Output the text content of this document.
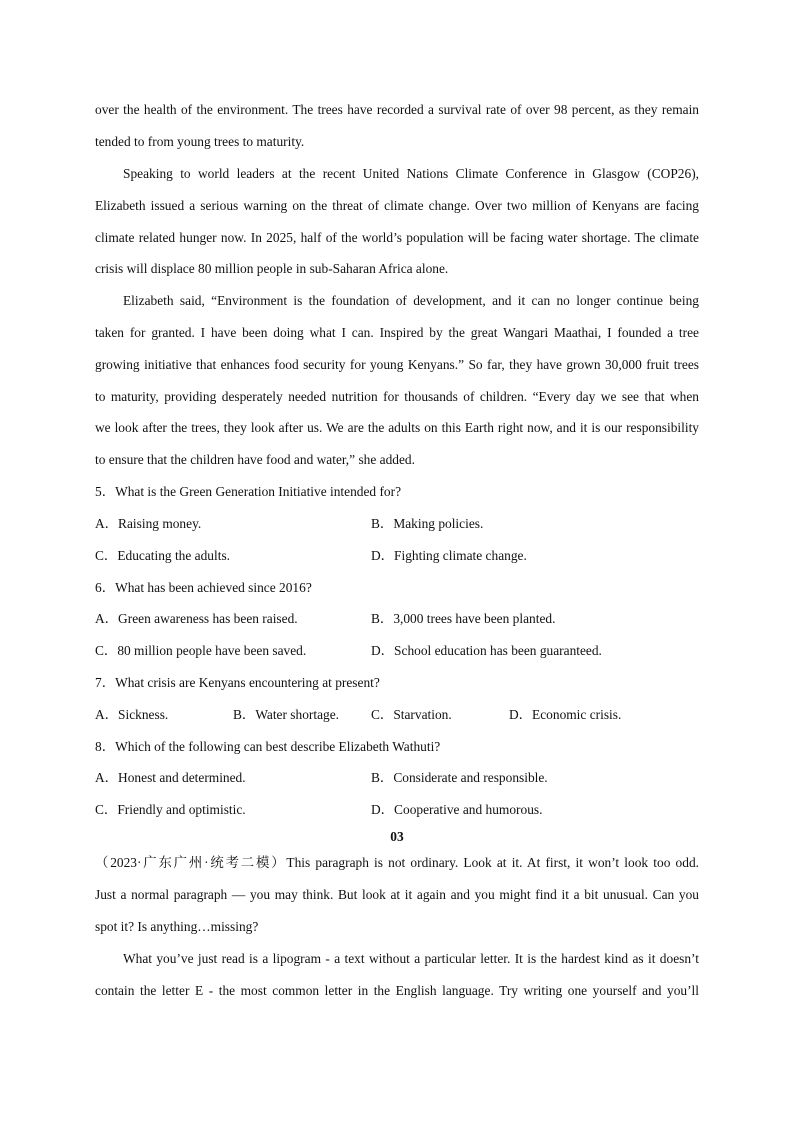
over the health of the environment. The trees have recorded a survival rate of over 98 percent, as they remain
tended to from young trees to maturity.
Speaking to world leaders at the recent United Nations Climate Conference in Glasgow (COP26),
Elizabeth issued a serious warning on the threat of climate change. Over two million of Kenyans are facing
climate related hunger now. In 2025, half of the world’s population will be facing water shortage. The climate
crisis will displace 80 million people in sub-Saharan Africa alone.
Elizabeth said, “Environment is the foundation of development, and it can no longer continue being
taken for granted. I have been doing what I can. Inspired by the great Wangari Maathai, I founded a tree
growing initiative that enhances food security for young Kenyans.” So far, they have grown 30,000 fruit trees
to maturity, providing desperately needed nutrition for thousands of children. “Every day we see that when
we look after the trees, they look after us. We are the adults on this Earth right now, and it is our responsibility
to ensure that the children have food and water,” she added.
5．What is the Green Generation Initiative intended for?
A．Raising money.	B．Making policies.
C．Educating the adults.	D．Fighting climate change.
6．What has been achieved since 2016?
A．Green awareness has been raised.	B．3,000 trees have been planted.
C．80 million people have been saved.	D．School education has been guaranteed.
7．What crisis are Kenyans encountering at present?
A．Sickness.	B．Water shortage. C．Starvation.	D．Economic crisis.
8．Which of the following can best describe Elizabeth Wathuti?
A．Honest and determined.	B．Considerate and responsible.
C．Friendly and optimistic.	D．Cooperative and humorous.
03
（2023·广东广州·统考二模）This paragraph is not ordinary. Look at it. At first, it won’t look too odd.
Just a normal paragraph — you may think. But look at it again and you might find it a bit unusual. Can you
spot it? Is anything…missing?
What you’ve just read is a lipogram - a text without a particular letter. It is the hardest kind as it doesn’t
contain the letter E - the most common letter in the English language. Try writing one yourself and you’ll
